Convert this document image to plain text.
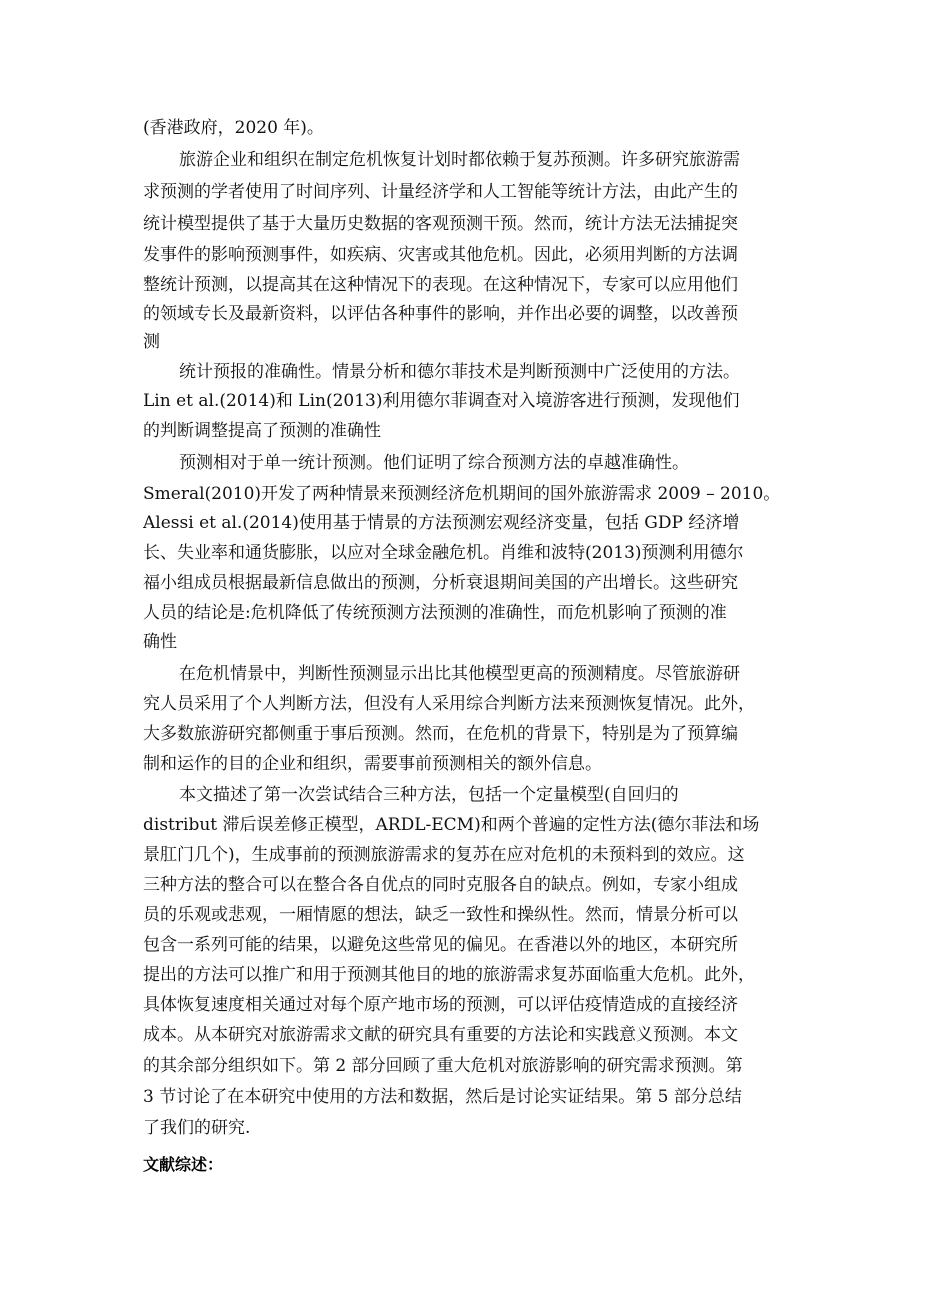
(香港政府，2020 年)。
旅游企业和组织在制定危机恢复计划时都依赖于复苏预测。许多研究旅游需
求预测的学者使用了时间序列、计量经济学和人工智能等统计方法，由此产生的
统计模型提供了基于大量历史数据的客观预测干预。然而，统计方法无法捕捉突
发事件的影响预测事件，如疾病、灾害或其他危机。因此，必须用判断的方法调
整统计预测，以提高其在这种情况下的表现。在这种情况下，专家可以应用他们
的领域专长及最新资料，以评估各种事件的影响，并作出必要的调整，以改善预
测
统计预报的准确性。情景分析和德尔菲技术是判断预测中广泛使用的方法。
Lin et al.(2014)和 Lin(2013)利用德尔菲调查对入境游客进行预测，发现他们
的判断调整提高了预测的准确性
预测相对于单一统计预测。他们证明了综合预测方法的卓越准确性。
Smeral(2010)开发了两种情景来预测经济危机期间的国外旅游需求 2009 – 2010。
Alessi et al.(2014)使用基于情景的方法预测宏观经济变量，包括 GDP 经济增
长、失业率和通货膨胀，以应对全球金融危机。肖维和波特(2013)预测利用德尔
福小组成员根据最新信息做出的预测，分析衰退期间美国的产出增长。这些研究
人员的结论是:危机降低了传统预测方法预测的准确性，而危机影响了预测的准
确性
在危机情景中，判断性预测显示出比其他模型更高的预测精度。尽管旅游研
究人员采用了个人判断方法，但没有人采用综合判断方法来预测恢复情况。此外，
大多数旅游研究都侧重于事后预测。然而，在危机的背景下，特别是为了预算编
制和运作的目的企业和组织，需要事前预测相关的额外信息。
本文描述了第一次尝试结合三种方法，包括一个定量模型(自回归的
distribut 滞后误差修正模型，ARDL-ECM)和两个普遍的定性方法(德尔菲法和场
景肛门几个)，生成事前的预测旅游需求的复苏在应对危机的未预料到的效应。这
三种方法的整合可以在整合各自优点的同时克服各自的缺点。例如，专家小组成
员的乐观或悲观，一厢情愿的想法，缺乏一致性和操纵性。然而，情景分析可以
包含一系列可能的结果，以避免这些常见的偏见。在香港以外的地区，本研究所
提出的方法可以推广和用于预测其他目的地的旅游需求复苏面临重大危机。此外，
具体恢复速度相关通过对每个原产地市场的预测，可以评估疫情造成的直接经济
成本。从本研究对旅游需求文献的研究具有重要的方法论和实践意义预测。本文
的其余部分组织如下。第 2 部分回顾了重大危机对旅游影响的研究需求预测。第
3 节讨论了在本研究中使用的方法和数据，然后是讨论实证结果。第 5 部分总结
了我们的研究.
文献综述：
